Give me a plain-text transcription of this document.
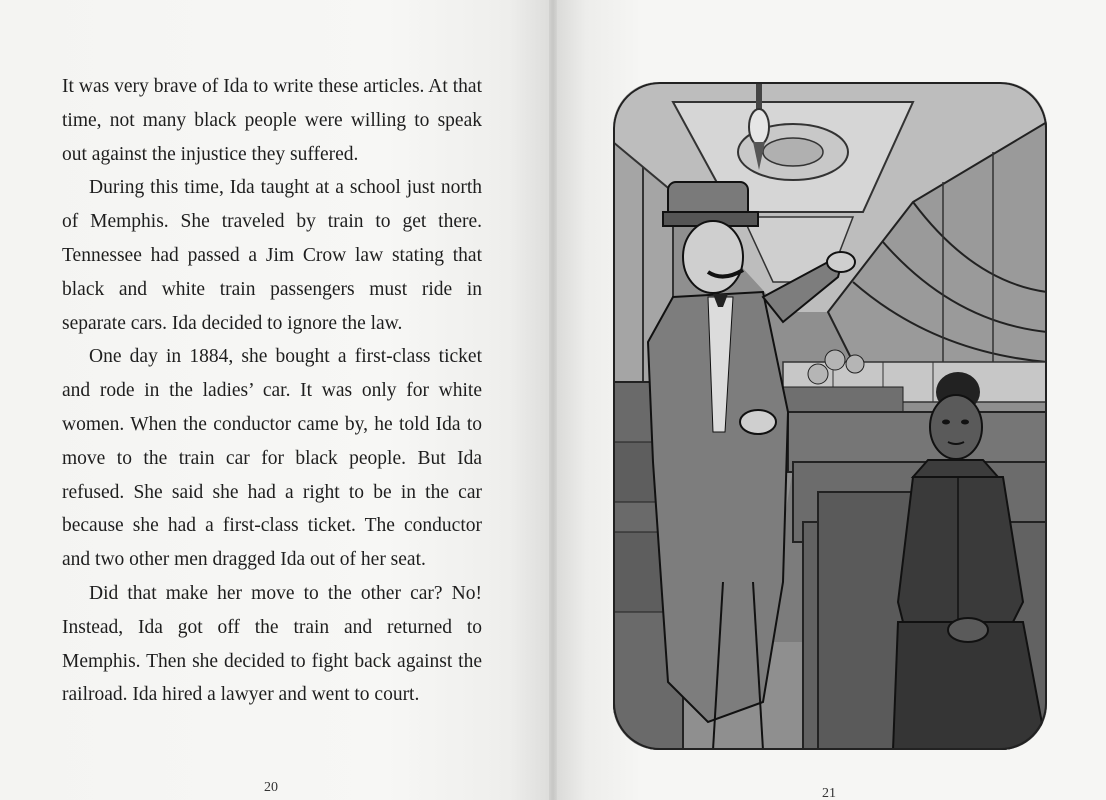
It was very brave of Ida to write these articles. At that time, not many black people were willing to speak out against the injustice they suffered.

During this time, Ida taught at a school just north of Memphis. She traveled by train to get there. Tennessee had passed a Jim Crow law stating that black and white train passengers must ride in separate cars. Ida decided to ignore the law.

One day in 1884, she bought a first-class ticket and rode in the ladies’ car. It was only for white women. When the conductor came by, he told Ida to move to the train car for black people. But Ida refused. She said she had a right to be in the car because she had a first-class ticket. The conductor and two other men dragged Ida out of her seat.

Did that make her move to the other car? No! Instead, Ida got off the train and returned to Memphis. Then she decided to fight back against the railroad. Ida hired a lawyer and went to court.

20	21
